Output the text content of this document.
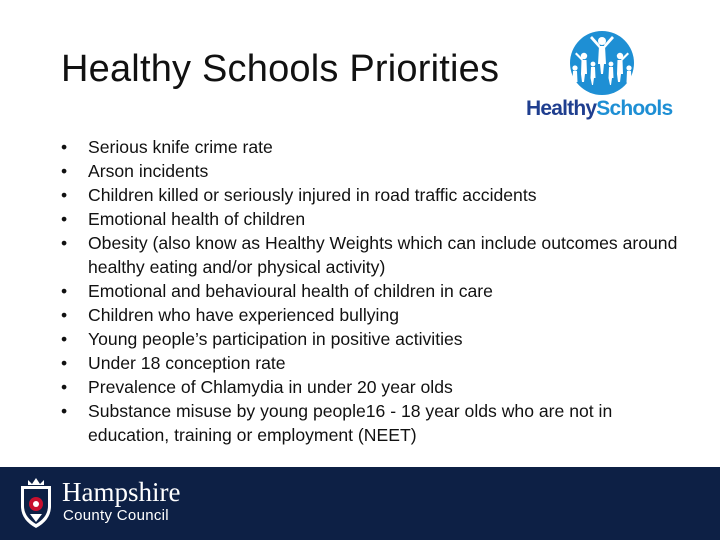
Healthy Schools Priorities
HealthySchools
• Serious knife crime rate
• Arson incidents
• Children killed or seriously injured in road traffic accidents
• Emotional health of children
• Obesity (also know as Healthy Weights which can include outcomes around healthy eating and/or physical activity)
• Emotional and behavioural health of children in care
• Children who have experienced bullying
• Young people’s participation in positive activities
• Under 18 conception rate
• Prevalence of Chlamydia in under 20 year olds
• Substance misuse by young people16 - 18 year olds who are not in education, training or employment (NEET)
Hampshire
County Council
